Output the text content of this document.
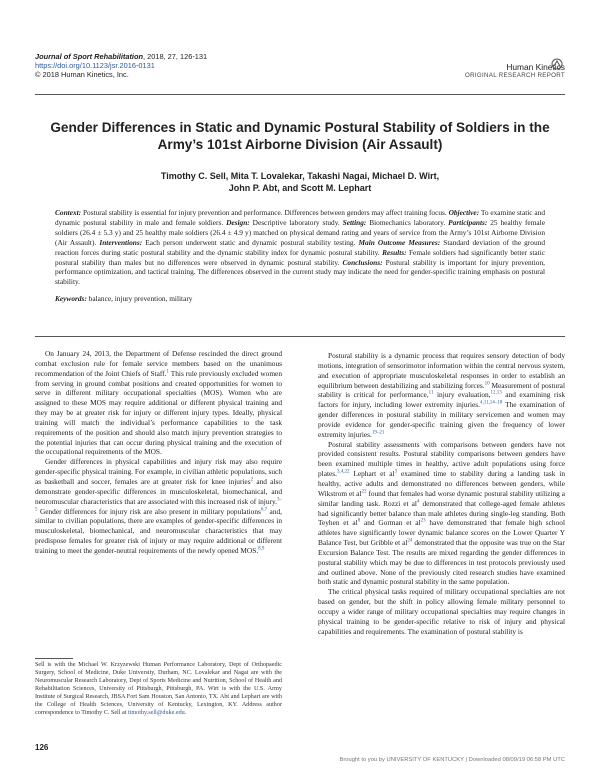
Journal of Sport Rehabilitation, 2018, 27, 126-131
https://doi.org/10.1123/jsr.2016-0131
© 2018 Human Kinetics, Inc.
Human Kinetics
ORIGINAL RESEARCH REPORT
Gender Differences in Static and Dynamic Postural Stability of Soldiers in the Army’s 101st Airborne Division (Air Assault)
Timothy C. Sell, Mita T. Lovalekar, Takashi Nagai, Michael D. Wirt,
John P. Abt, and Scott M. Lephart

Context: Postural stability is essential for injury prevention and performance. Differences between genders may affect training focus. Objective: To examine static and dynamic postural stability in male and female soldiers. Design: Descriptive laboratory study. Setting: Biomechanics laboratory. Participants: 25 healthy female soldiers (26.4 ± 5.3 y) and 25 healthy male soldiers (26.4 ± 4.9 y) matched on physical demand rating and years of service from the Army’s 101st Airborne Division (Air Assault). Interventions: Each person underwent static and dynamic postural stability testing. Main Outcome Measures: Standard deviation of the ground reaction forces during static postural stability and the dynamic stability index for dynamic postural stability. Results: Female soldiers had significantly better static postural stability than males but no differences were observed in dynamic postural stability. Conclusions: Postural stability is important for injury prevention, performance optimization, and tactical training. The differences observed in the current study may indicate the need for gender-specific training emphasis on postural stability.

Keywords: balance, injury prevention, military

On January 24, 2013, the Department of Defense rescinded the direct ground combat exclusion rule for female service members based on the unanimous recommendation of the Joint Chiefs of Staff.$^1$ This rule previously excluded women from serving in ground combat positions and created opportunities for women to serve in different military occupational specialties (MOS). Women who are assigned to these MOS may require additional or different physical training and they may be at greater risk for injury or different injury types. Ideally, physical training will match the individual’s performance capabilities to the task requirements of the position and should also match injury prevention strategies to the potential injuries that can occur during physical training and the execution of the occupational requirements of the MOS.

Gender differences in physical capabilities and injury risk may also require gender-specific physical training. For example, in civilian athletic populations, such as basketball and soccer, females are at greater risk for knee injuries$^2$ and also demonstrate gender-specific differences in musculoskeletal, biomechanical, and neuromuscular characteristics that are associated with this increased risk of injury.$^{3-5}$ Gender differences for injury risk are also present in military populations$^{6,7}$ and, similar to civilian populations, there are examples of gender-specific differences in musculoskeletal, biomechanical, and neuromuscular characteristics that may predispose females for greater risk of injury or may require additional or different training to meet the gender-neutral requirements of the newly opened MOS.$^{8,9}$

Postural stability is a dynamic process that requires sensory detection of body motions, integration of sensorimotor information within the central nervous system, and execution of appropriate musculoskeletal responses in order to establish an equilibrium between destabilizing and stabilizing forces.$^{10}$ Measurement of postural stability is critical for performance,$^{11}$ injury evaluation,$^{12,13}$ and examining risk factors for injury, including lower extremity injuries.$^{4,11,14-18}$ The examination of gender differences in postural stability in military servicemen and women may provide evidence for gender-specific training given the frequency of lower extremity injuries.$^{19-21}$

Postural stability assessments with comparisons between genders have not provided consistent results. Postural stability comparisons between genders have been examined multiple times in healthy, active adult populations using force plates.$^{3,4,22}$ Lephart et $al^3$ examined time to stability during a landing task in healthy, active adults and demonstrated no differences between genders, while Wikstrom et $al^{22}$ found that females had worse dynamic postural stability utilizing a similar landing task. Rozzi et $al^4$ demonstrated that college-aged female athletes had significantly better balance than male athletes during single-leg standing. Both Teyhen et $al^8$ and Gorman et $al^{23}$ have demonstrated that female high school athletes have significantly lower dynamic balance scores on the Lower Quarter Y Balance Test, but Gribble et $al^{24}$ demonstrated that the opposite was true on the Star Excursion Balance Test. The results are mixed regarding the gender differences in postural stability which may be due to differences in test protocols previously used and outlined above. None of the previously cited research studies have examined both static and dynamic postural stability in the same population.

The critical physical tasks required of military occupational specialties are not based on gender, but the shift in policy allowing female military personnel to occupy a wider range of military occupational specialties may require changes in physical training to be gender-specific relative to risk of injury and physical capabilities and requirements. The examination of postural stability is

Sell is with the Michael W. Krzyzewski Human Performance Laboratory, Dept of Orthopaedic Surgery, School of Medicine, Duke University, Durham, NC. Lovalekar and Nagai are with the Neuromuscular Research Laboratory, Dept of Sports Medicine and Nutrition, School of Health and Rehabilitation Sciences, University of Pittsburgh, Pittsburgh, PA. Wirt is with the U.S. Army Institute of Surgical Research, JBSA Fort Sam Houston, San Antonio, TX. Abt and Lephart are with the College of Health Sciences, University of Kentucky, Lexington, KY. Address author correspondence to Timothy C. Sell at timothy.sell@duke.edu.
126
Brought to you by UNIVERSITY OF KENTUCKY | Downloaded 08/09/19 06:58 PM UTC
